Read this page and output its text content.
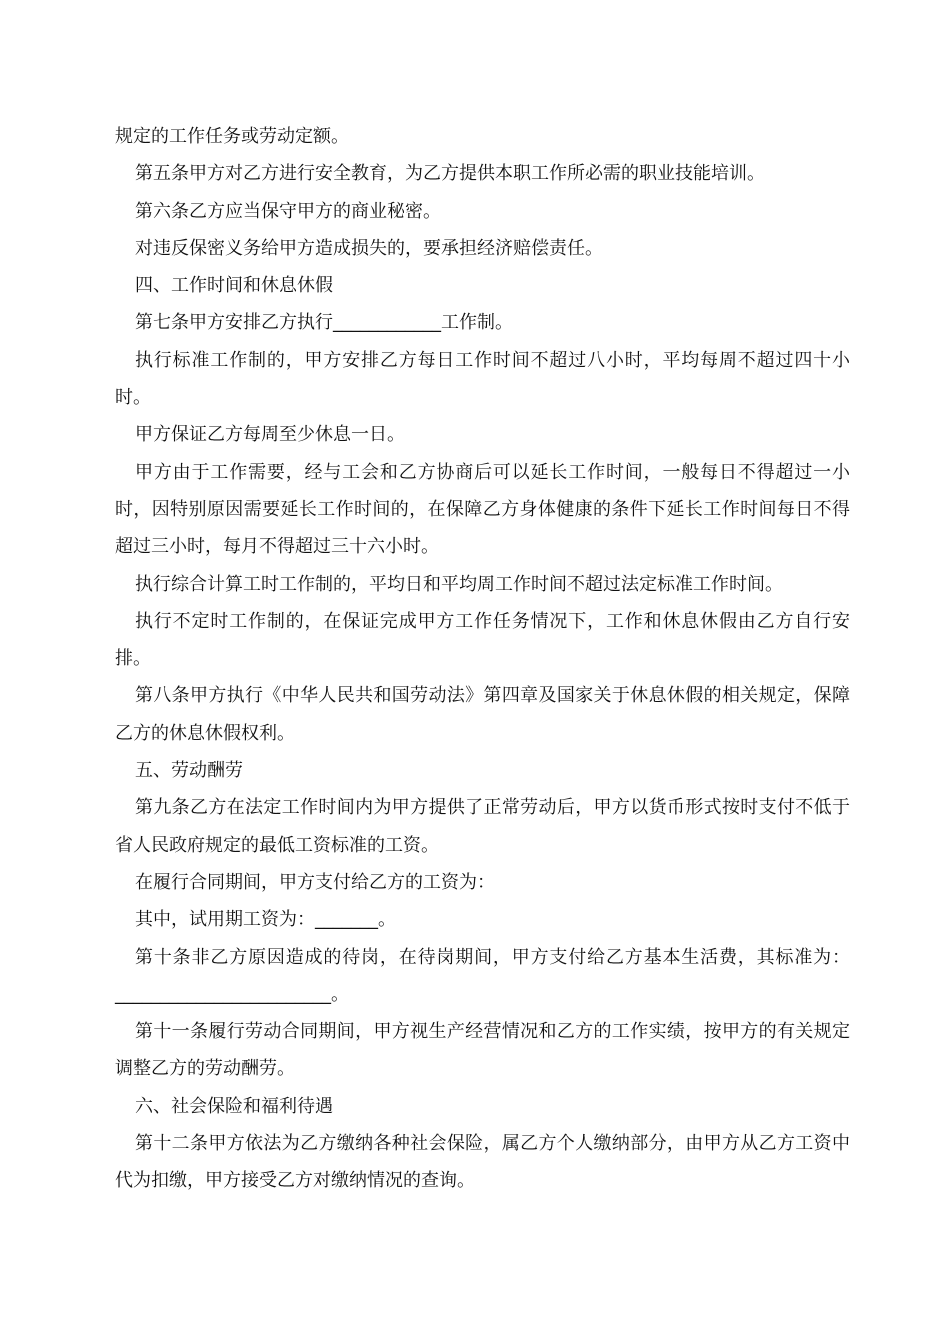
规定的工作任务或劳动定额。

第五条甲方对乙方进行安全教育，为乙方提供本职工作所必需的职业技能培训。

第六条乙方应当保守甲方的商业秘密。

对违反保密义务给甲方造成损失的，要承担经济赔偿责任。

四、工作时间和休息休假

第七条甲方安排乙方执行____________工作制。

执行标准工作制的，甲方安排乙方每日工作时间不超过八小时，平均每周不超过四十小时。

甲方保证乙方每周至少休息一日。

甲方由于工作需要，经与工会和乙方协商后可以延长工作时间，一般每日不得超过一小时，因特别原因需要延长工作时间的，在保障乙方身体健康的条件下延长工作时间每日不得超过三小时，每月不得超过三十六小时。

执行综合计算工时工作制的，平均日和平均周工作时间不超过法定标准工作时间。

执行不定时工作制的，在保证完成甲方工作任务情况下，工作和休息休假由乙方自行安排。

第八条甲方执行《中华人民共和国劳动法》第四章及国家关于休息休假的相关规定，保障乙方的休息休假权利。

五、劳动酬劳

第九条乙方在法定工作时间内为甲方提供了正常劳动后，甲方以货币形式按时支付不低于省人民政府规定的最低工资标准的工资。

在履行合同期间，甲方支付给乙方的工资为：

其中，试用期工资为：_______。

第十条非乙方原因造成的待岗，在待岗期间，甲方支付给乙方基本生活费，其标准为：________________________。

第十一条履行劳动合同期间，甲方视生产经营情况和乙方的工作实绩，按甲方的有关规定调整乙方的劳动酬劳。

六、社会保险和福利待遇

第十二条甲方依法为乙方缴纳各种社会保险，属乙方个人缴纳部分，由甲方从乙方工资中代为扣缴，甲方接受乙方对缴纳情况的查询。
